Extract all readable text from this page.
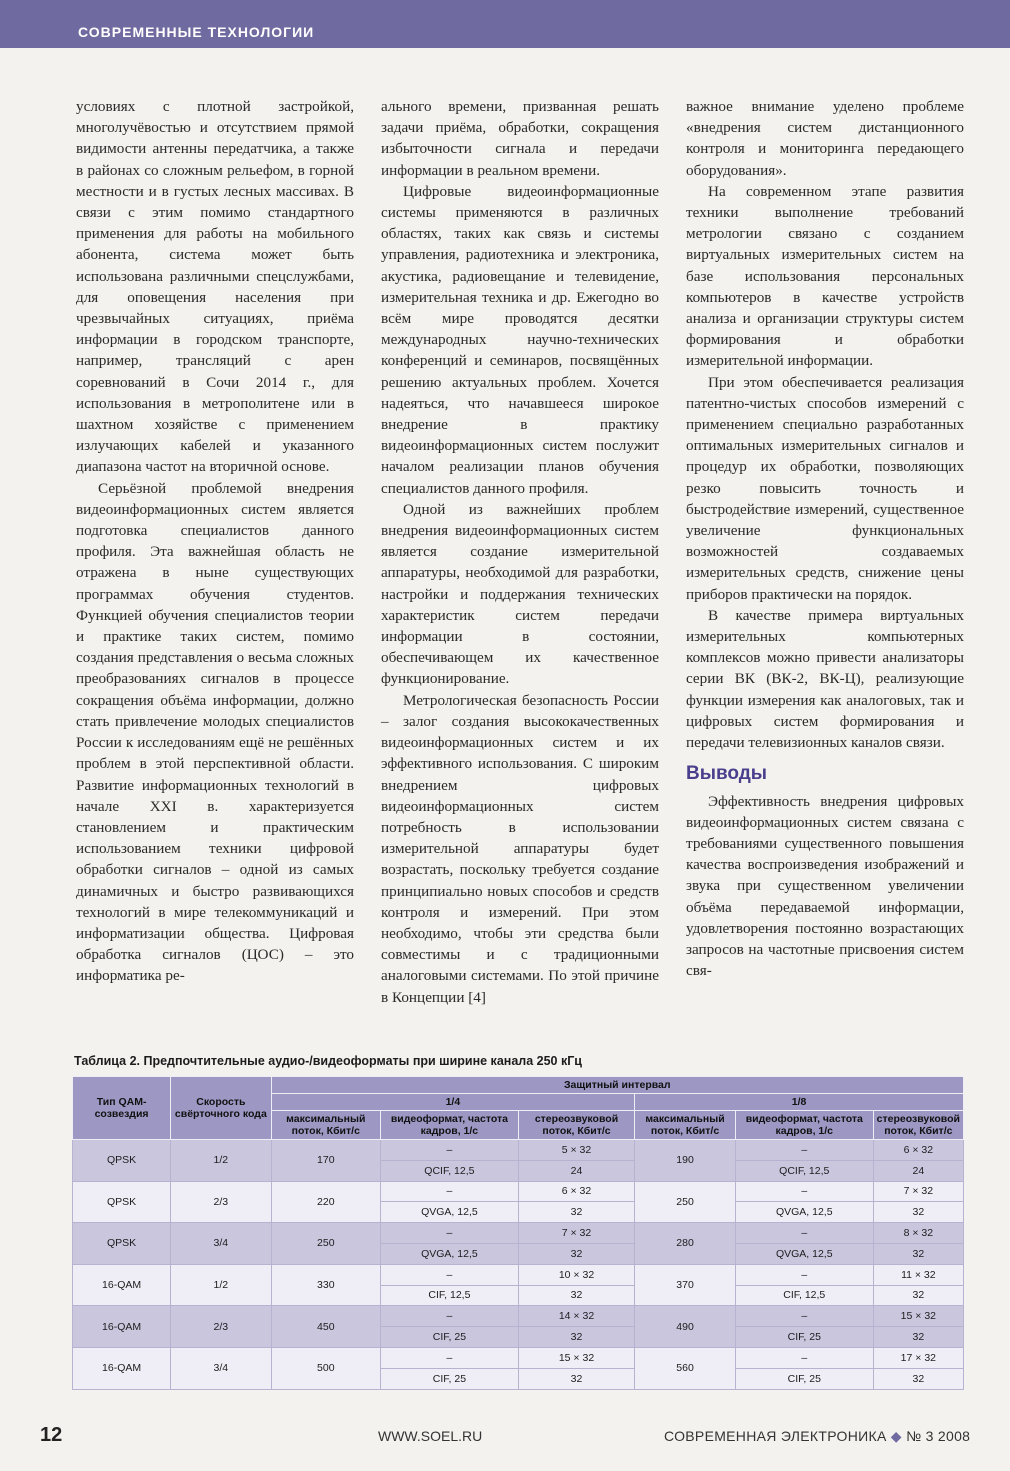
СОВРЕМЕННЫЕ ТЕХНОЛОГИИ

условиях с плотной застройкой, многолучёвостью и отсутствием прямой видимости антенны передатчика, а также в районах со сложным рельефом, в горной местности и в густых лесных массивах. В связи с этим помимо стандартного применения для работы на мобильного абонента, система может быть использована различными спецслужбами, для оповещения населения при чрезвычайных ситуациях, приёма информации в городском транспорте, например, трансляций с арен соревнований в Сочи 2014 г., для использования в метрополитене или в шахтном хозяйстве с применением излучающих кабелей и указанного диапазона частот на вторичной основе.

Серьёзной проблемой внедрения видеоинформационных систем является подготовка специалистов данного профиля. Эта важнейшая область не отражена в ныне существующих программах обучения студентов. Функцией обучения специалистов теории и практике таких систем, помимо создания представления о весьма сложных преобразованиях сигналов в процессе сокращения объёма информации, должно стать привлечение молодых специалистов России к исследованиям ещё не решённых проблем в этой перспективной области. Развитие информационных технологий в начале XXI в. характеризуется становлением и практическим использованием техники цифровой обработки сигналов – одной из самых динамичных и быстро развивающихся технологий в мире телекоммуникаций и информатизации общества. Цифровая обработка сигналов (ЦОС) – это информатика ре-

ального времени, призванная решать задачи приёма, обработки, сокращения избыточности сигнала и передачи информации в реальном времени.

Цифровые видеоинформационные системы применяются в различных областях, таких как связь и системы управления, радиотехника и электроника, акустика, радиовещание и телевидение, измерительная техника и др. Ежегодно во всём мире проводятся десятки международных научно-технических конференций и семинаров, посвящённых решению актуальных проблем. Хочется надеяться, что начавшееся широкое внедрение в практику видеоинформационных систем послужит началом реализации планов обучения специалистов данного профиля.

Одной из важнейших проблем внедрения видеоинформационных систем является создание измерительной аппаратуры, необходимой для разработки, настройки и поддержания технических характеристик систем передачи информации в состоянии, обеспечивающем их качественное функционирование.

Метрологическая безопасность России – залог создания высококачественных видеоинформационных систем и их эффективного использования. С широким внедрением цифровых видеоинформационных систем потребность в использовании измерительной аппаратуры будет возрастать, поскольку требуется создание принципиально новых способов и средств контроля и измерений. При этом необходимо, чтобы эти средства были совместимы и с традиционными аналоговыми системами. По этой причине в Концепции [4]

важное внимание уделено проблеме «внедрения систем дистанционного контроля и мониторинга передающего оборудования».

На современном этапе развития техники выполнение требований метрологии связано с созданием виртуальных измерительных систем на базе использования персональных компьютеров в качестве устройств анализа и организации структуры систем формирования и обработки измерительной информации.

При этом обеспечивается реализация патентно-чистых способов измерений с применением специально разработанных оптимальных измерительных сигналов и процедур их обработки, позволяющих резко повысить точность и быстродействие измерений, существенное увеличение функциональных возможностей создаваемых измерительных средств, снижение цены приборов практически на порядок.

В качестве примера виртуальных измерительных компьютерных комплексов можно привести анализаторы серии ВК (ВК-2, ВК-Ц), реализующие функции измерения как аналоговых, так и цифровых систем формирования и передачи телевизионных каналов связи.

Выводы

Эффективность внедрения цифровых видеоинформационных систем связана с требованиями существенного повышения качества воспроизведения изображений и звука при существенном увеличении объёма передаваемой информации, удовлетворения постоянно возрастающих запросов на частотные присвоения систем свя-

Таблица 2. Предпочтительные аудио-/видеоформаты при ширине канала 250 кГц
Тип QAM-созвездия	Скорость свёрточного кода	Защитный интервал					
		1/4			1/8		
		максимальный поток, Кбит/с	видеоформат, частота кадров, 1/с	стереозвуковой поток, Кбит/с	максимальный поток, Кбит/с	видеоформат, частота кадров, 1/с	стереозвуковой поток, Кбит/с
QPSK	1/2	170	–	5 × 32	190	–	6 × 32
			QCIF, 12,5	24		QCIF, 12,5	24
QPSK	2/3	220	–	6 × 32	250	–	7 × 32
			QVGA, 12,5	32		QVGA, 12,5	32
QPSK	3/4	250	–	7 × 32	280	–	8 × 32
			QVGA, 12,5	32		QVGA, 12,5	32
16-QAM	1/2	330	–	10 × 32	370	–	11 × 32
			CIF, 12,5	32		CIF, 12,5	32
16-QAM	2/3	450	–	14 × 32	490	–	15 × 32
			CIF, 25	32		CIF, 25	32
16-QAM	3/4	500	–	15 × 32	560	–	17 × 32
			CIF, 25	32		CIF, 25	32
12	WWW.SOEL.RU	СОВРЕМЕННАЯ ЭЛЕКТРОНИКА ◆ № 3 2008
